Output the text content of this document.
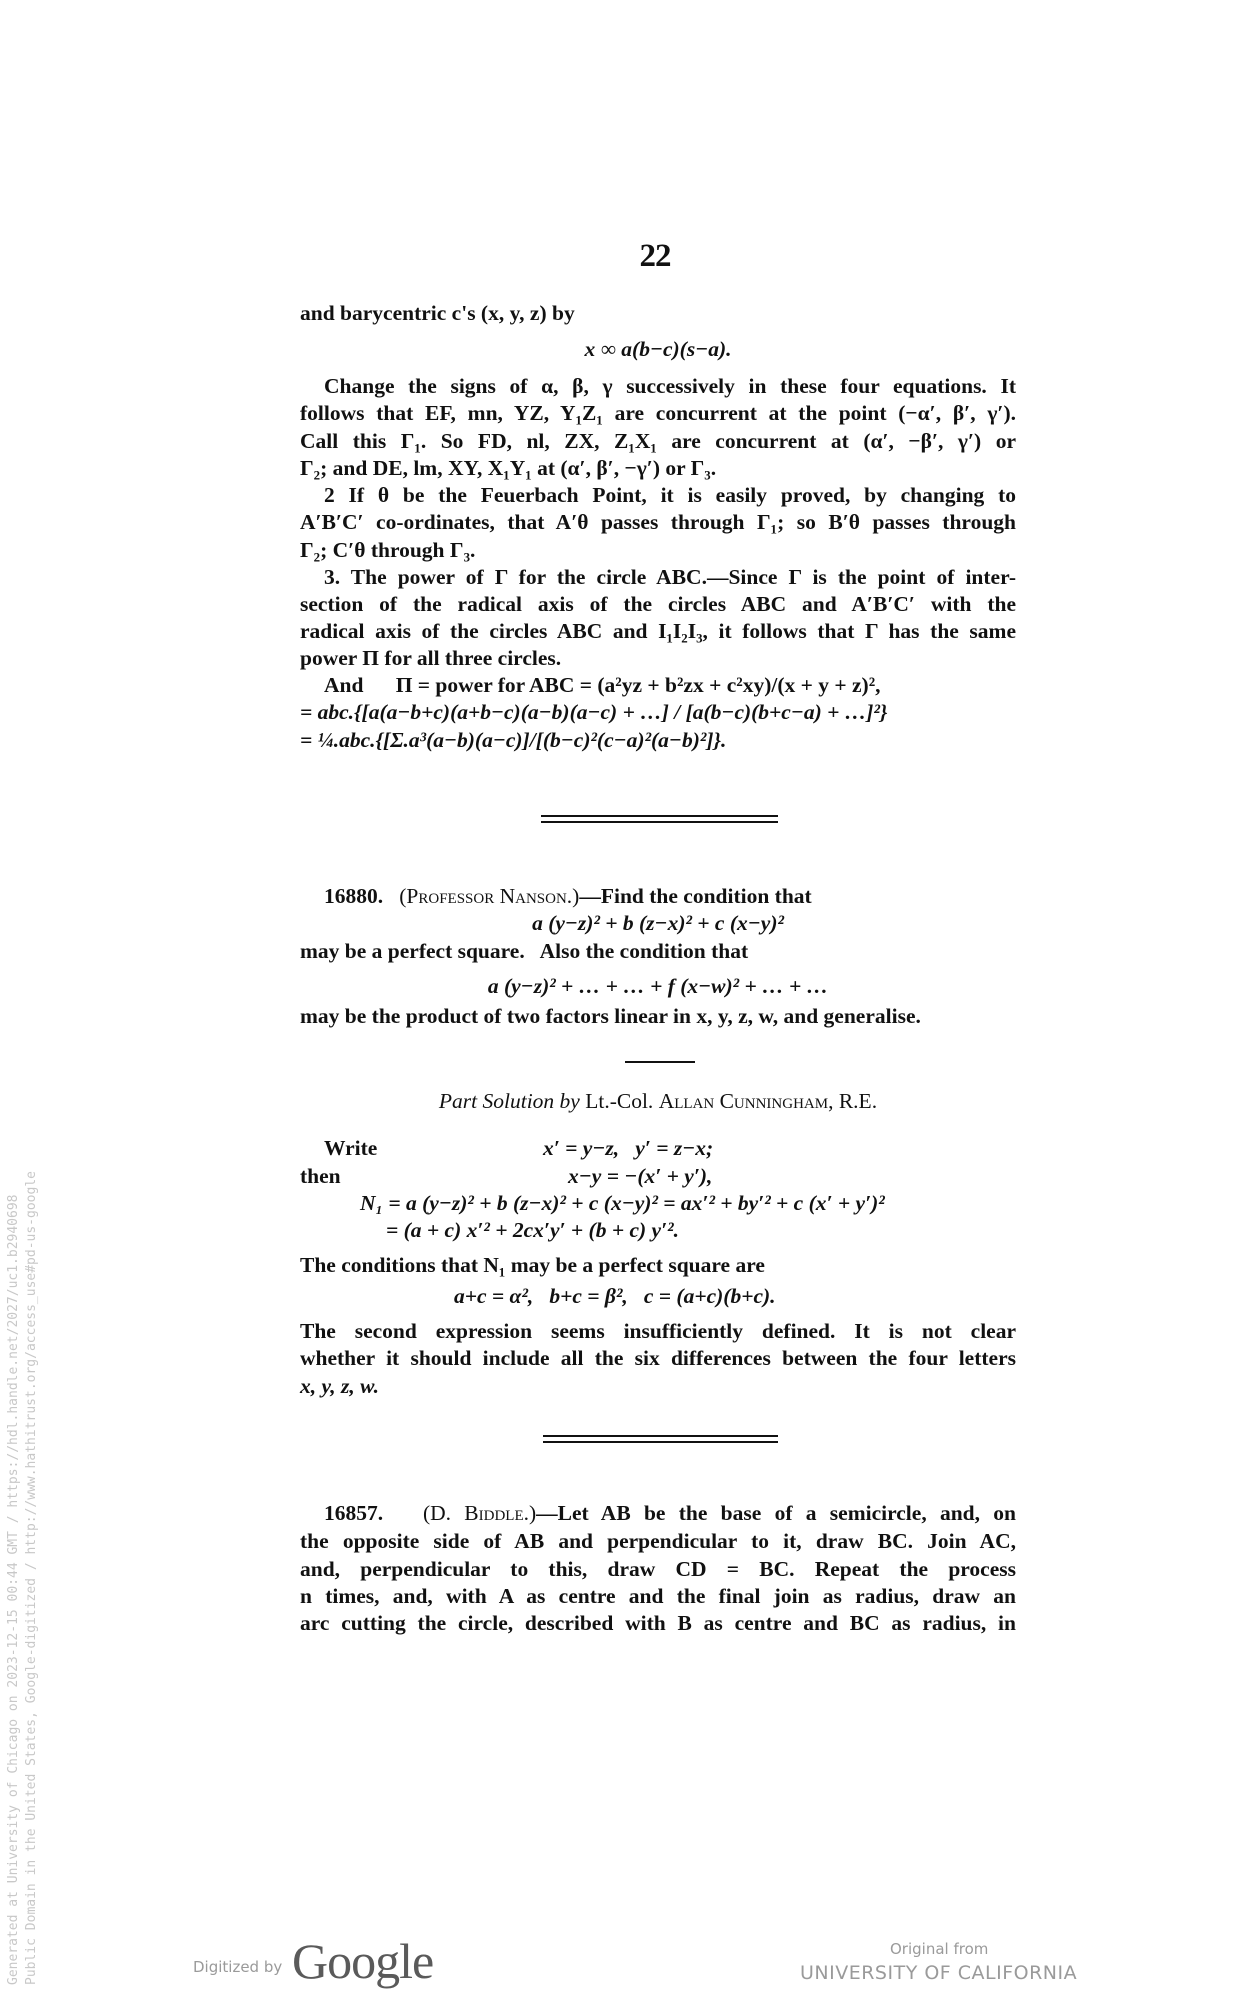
22
and barycentric c's (x, y, z) by
x ∞ a(b−c)(s−a).
Change the signs of α, β, γ successively in these four equations. It
follows that EF, mn, YZ, Y₁Z₁ are concurrent at the point (−α′, β′, γ′).
Call this Γ₁. So FD, nl, ZX, Z₁X₁ are concurrent at (α′, −β′, γ′) or
Γ₂; and DE, lm, XY, X₁Y₁ at (α′, β′, −γ′) or Γ₃.
2 If θ be the Feuerbach Point, it is easily proved, by changing to
A′B′C′ co-ordinates, that A′θ passes through Γ₁; so B′θ passes through
Γ₂; C′θ through Γ₃.
3. The power of Γ for the circle ABC.—Since Γ is the point of inter-
section of the radical axis of the circles ABC and A′B′C′ with the
radical axis of the circles ABC and I₁I₂I₃, it follows that Γ has the same
power Π for all three circles.
And      Π = power for ABC = (a²yz + b²zx + c²xy)/(x + y + z)²,
= abc.{[a(a−b+c)(a+b−c)(a−b)(a−c) + …] / [a(b−c)(b+c−a) + …]²}
= ¼.abc.{[Σ.a³(a−b)(a−c)]/[(b−c)²(c−a)²(a−b)²]}.
16880. (Professor Nanson.)—Find the condition that
a (y−z)² + b (z−x)² + c (x−y)²
may be a perfect square.   Also the condition that
a (y−z)² + … + … + f (x−w)² + … + …
may be the product of two factors linear in x, y, z, w, and generalise.
Part Solution by Lt.-Col. Allan Cunningham, R.E.
Write	x′ = y−z,   y′ = z−x;
then	x−y = −(x′ + y′),
N₁ = a (y−z)² + b (z−x)² + c (x−y)² = ax′² + by′² + c (x′ + y′)²
= (a + c) x′² + 2cx′y′ + (b + c) y′².
The conditions that N₁ may be a perfect square are
a+c = α²,   b+c = β²,   c = (a+c)(b+c).
The second expression seems insufficiently defined. It is not clear
whether it should include all the six differences between the four letters
x, y, z, w.
16857. (D. Biddle.)—Let AB be the base of a semicircle, and, on
the opposite side of AB and perpendicular to it, draw BC. Join AC,
and, perpendicular to this, draw CD = BC. Repeat the process
n times, and, with A as centre and the final join as radius, draw an
arc cutting the circle, described with B as centre and BC as radius, in
Generated at University of Chicago on 2023-12-15 00:44 GMT / https://hdl.handle.net/2027/uc1.b2940698 Public Domain in the United States, Google-digitized / http://www.hathitrust.org/access_use#pd-us-google	Digitized by Google	Original from
UNIVERSITY OF CALIFORNIA
